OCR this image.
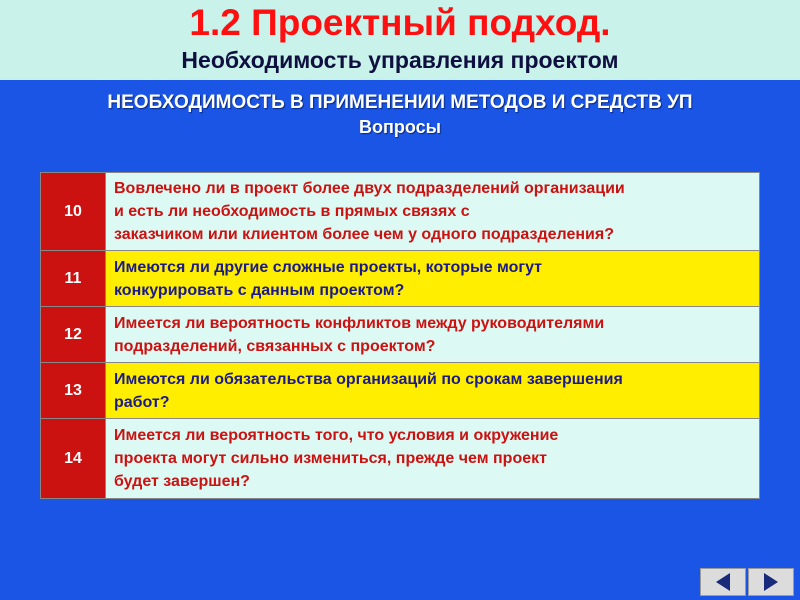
1.2 Проектный подход.
Необходимость управления проектом
НЕОБХОДИМОСТЬ В ПРИМЕНЕНИИ МЕТОДОВ И СРЕДСТВ УП
Вопросы
10	Вовлечено ли в проект более двух подразделений организации
и есть ли необходимость в прямых связях с
заказчиком или клиентом более чем у одного подразделения?

11	Имеются ли другие сложные проекты, которые могут
конкурировать с данным проектом?

12	Имеется ли вероятность конфликтов между руководителями
подразделений, связанных с проектом?

13	Имеются ли обязательства организаций по срокам завершения
работ?

14	Имеется ли вероятность того, что условия и окружение
проекта могут сильно измениться, прежде чем проект
будет завершен?
